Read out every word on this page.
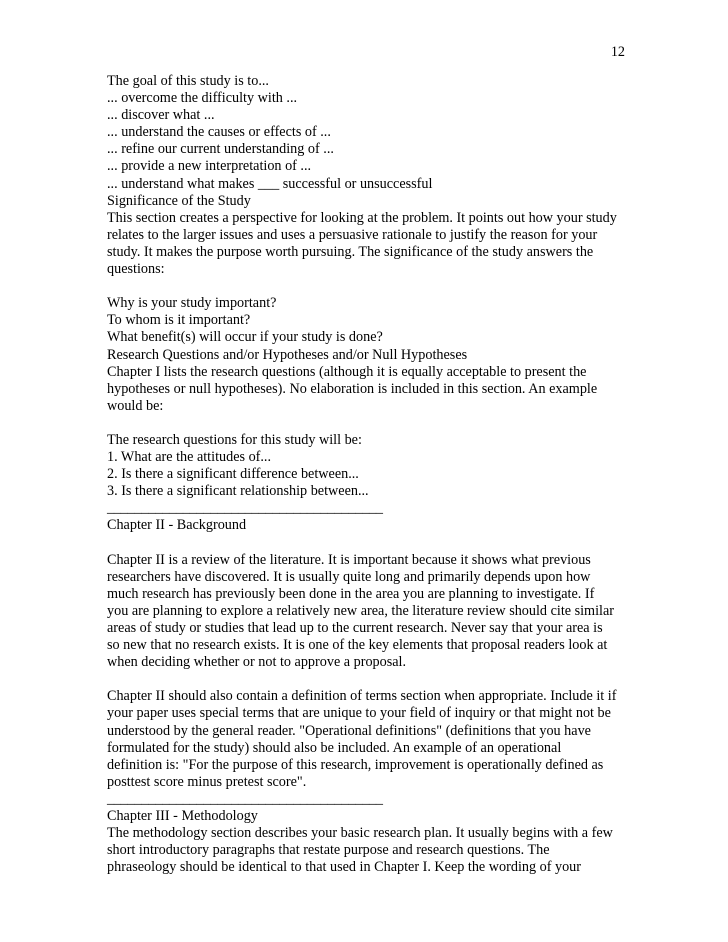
12
The goal of this study is to...
... overcome the difficulty with ...
... discover what ...
... understand the causes or effects of ...
... refine our current understanding of ...
... provide a new interpretation of ...
... understand what makes ___ successful or unsuccessful
Significance of the Study
This section creates a perspective for looking at the problem. It points out how your study
relates to the larger issues and uses a persuasive rationale to justify the reason for your
study. It makes the purpose worth pursuing. The significance of the study answers the
questions:
Why is your study important?
To whom is it important?
What benefit(s) will occur if your study is done?
Research Questions and/or Hypotheses and/or Null Hypotheses
Chapter I lists the research questions (although it is equally acceptable to present the
hypotheses or null hypotheses). No elaboration is included in this section. An example
would be:
The research questions for this study will be:
1. What are the attitudes of...
2. Is there a significant difference between...
3. Is there a significant relationship between...
________________________________________
Chapter II - Background
Chapter II is a review of the literature. It is important because it shows what previous
researchers have discovered. It is usually quite long and primarily depends upon how
much research has previously been done in the area you are planning to investigate. If
you are planning to explore a relatively new area, the literature review should cite similar
areas of study or studies that lead up to the current research. Never say that your area is
so new that no research exists. It is one of the key elements that proposal readers look at
when deciding whether or not to approve a proposal.
Chapter II should also contain a definition of terms section when appropriate. Include it if
your paper uses special terms that are unique to your field of inquiry or that might not be
understood by the general reader. "Operational definitions" (definitions that you have
formulated for the study) should also be included. An example of an operational
definition is: "For the purpose of this research, improvement is operationally defined as
posttest score minus pretest score".
________________________________________
Chapter III - Methodology
The methodology section describes your basic research plan. It usually begins with a few
short introductory paragraphs that restate purpose and research questions. The
phraseology should be identical to that used in Chapter I. Keep the wording of your
